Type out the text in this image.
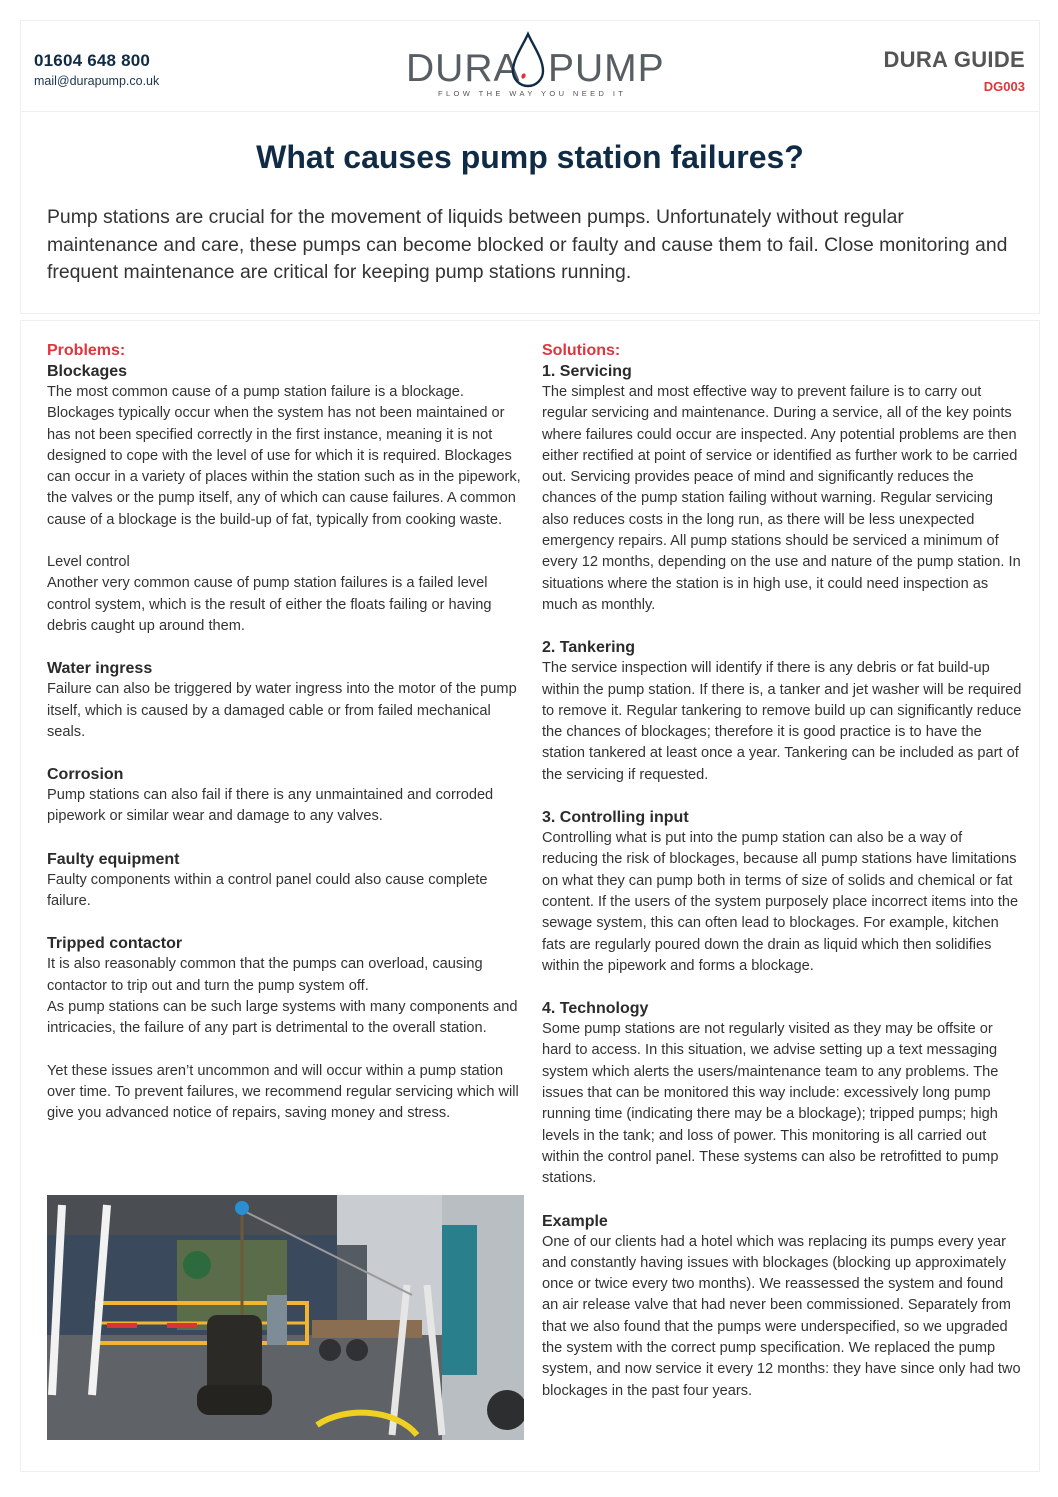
01604 648 800
mail@durapump.co.uk	DURA PUMP
FLOW THE WAY YOU NEED IT
DURA GUIDE
DG003
What causes pump station failures?

Pump stations are crucial for the movement of liquids between pumps. Unfortunately without regular maintenance and care, these pumps can become blocked or faulty and cause them to fail. Close monitoring and frequent maintenance are critical for keeping pump stations running.

Problems:
Blockages

The most common cause of a pump station failure is a blockage. Blockages typically occur when the system has not been maintained or has not been specified correctly in the first instance, meaning it is not designed to cope with the level of use for which it is required. Blockages can occur in a variety of places within the station such as in the pipework, the valves or the pump itself, any of which can cause failures. A common cause of a blockage is the build-up of fat, typically from cooking waste.

Level control

Another very common cause of pump station failures is a failed level control system, which is the result of either the floats failing or having debris caught up around them.

Water ingress

Failure can also be triggered by water ingress into the motor of the pump itself, which is caused by a damaged cable or from failed mechanical seals.

Corrosion

Pump stations can also fail if there is any unmaintained and corroded pipework or similar wear and damage to any valves.

Faulty equipment

Faulty components within a control panel could also cause complete failure.

Tripped contactor

It is also reasonably common that the pumps can overload, causing contactor to trip out and turn the pump system off.

As pump stations can be such large systems with many components and intricacies, the failure of any part is detrimental to the overall station.

Yet these issues aren’t uncommon and will occur within a pump station over time. To prevent failures, we recommend regular servicing which will give you advanced notice of repairs, saving money and stress.

Solutions:
1. Servicing

The simplest and most effective way to prevent failure is to carry out regular servicing and maintenance. During a service, all of the key points where failures could occur are inspected. Any potential problems are then either rectified at point of service or identified as further work to be carried out. Servicing provides peace of mind and significantly reduces the chances of the pump station failing without warning. Regular servicing also reduces costs in the long run, as there will be less unexpected emergency repairs. All pump stations should be serviced a minimum of every 12 months, depending on the use and nature of the pump station. In situations where the station is in high use, it could need inspection as much as monthly.

2. Tankering

The service inspection will identify if there is any debris or fat build-up within the pump station. If there is, a tanker and jet washer will be required to remove it. Regular tankering to remove build up can significantly reduce the chances of blockages; therefore it is good practice is to have the station tankered at least once a year. Tankering can be included as part of the servicing if requested.

3. Controlling input

Controlling what is put into the pump station can also be a way of reducing the risk of blockages, because all pump stations have limitations on what they can pump both in terms of size of solids and chemical or fat content. If the users of the system purposely place incorrect items into the sewage system, this can often lead to blockages. For example, kitchen fats are regularly poured down the drain as liquid which then solidifies within the pipework and forms a blockage.

4. Technology

Some pump stations are not regularly visited as they may be offsite or hard to access. In this situation, we advise setting up a text messaging system which alerts the users/maintenance team to any problems. The issues that can be monitored this way include: excessively long pump running time (indicating there may be a blockage); tripped pumps; high levels in the tank; and loss of power. This monitoring is all carried out within the control panel. These systems can also be retrofitted to pump stations.

Example

One of our clients had a hotel which was replacing its pumps every year and constantly having issues with blockages (blocking up approximately once or twice every two months). We reassessed the system and found an air release valve that had never been commissioned. Separately from that we also found that the pumps were underspecified, so we upgraded the system with the correct pump specification. We replaced the pump system, and now service it every 12 months: they have since only had two blockages in the past four years.
